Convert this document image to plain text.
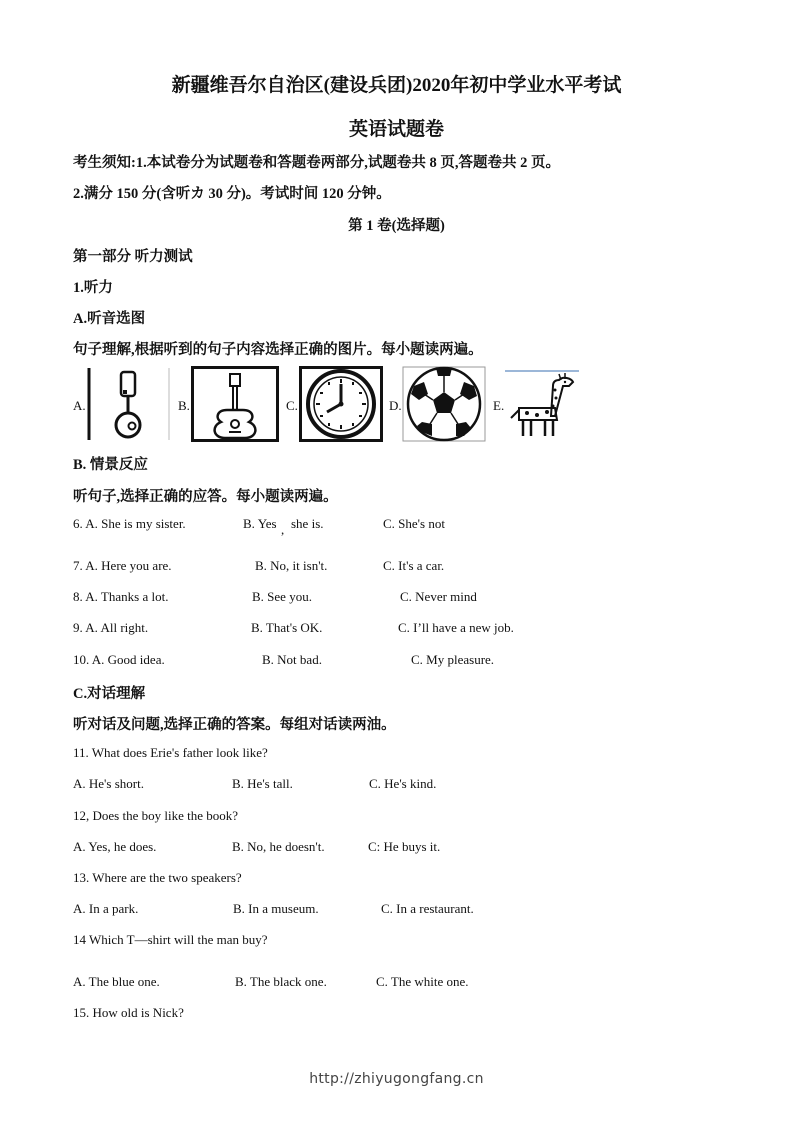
新疆维吾尔自治区(建设兵团)2020年初中学业水平考试
英语试题卷
考生须知:1.本试卷分为试题卷和答题卷两部分,试题卷共 8 页,答题卷共 2 页。
2.满分 150 分(含听カ 30 分)。考试时间 120 分钟。
第 1 卷(选择题)
第一部分 听力测试
1.听力
A.听音选图
句子理解,根据听到的句子内容选择正确的图片。每小题读两遍。
A.	B.	C.	D.	E.
B. 情景反应
听句子,选择正确的应答。每小题读两遍。
6. A. She is my sister.	B. Yes , she is.	C. She's not
7. A. Here you are.	B. No, it isn't.	C. It's a car.
8. A. Thanks a lot.	B. See you.	C. Never mind
9. A. All right.	B. That's OK.	C. I’ll have a new job.
10. A. Good idea.	B. Not bad.	C. My pleasure.
C.对话理解
听对话及问题,选择正确的答案。每组对话读两油。
11. What does Erie's father look like?
A. He's short.	B. He's tall.	C. He's kind.
12, Does the boy like the book?
A. Yes, he does.	B. No, he doesn't.	C: He buys it.
13. Where are the two speakers?
A. In a park.	B. In a museum.	C. In a restaurant.
14 Which T—shirt will the man buy?
A. The blue one.	B. The black one.	C. The white one.
15. How old is Nick?
http://zhiyugongfang.cn
